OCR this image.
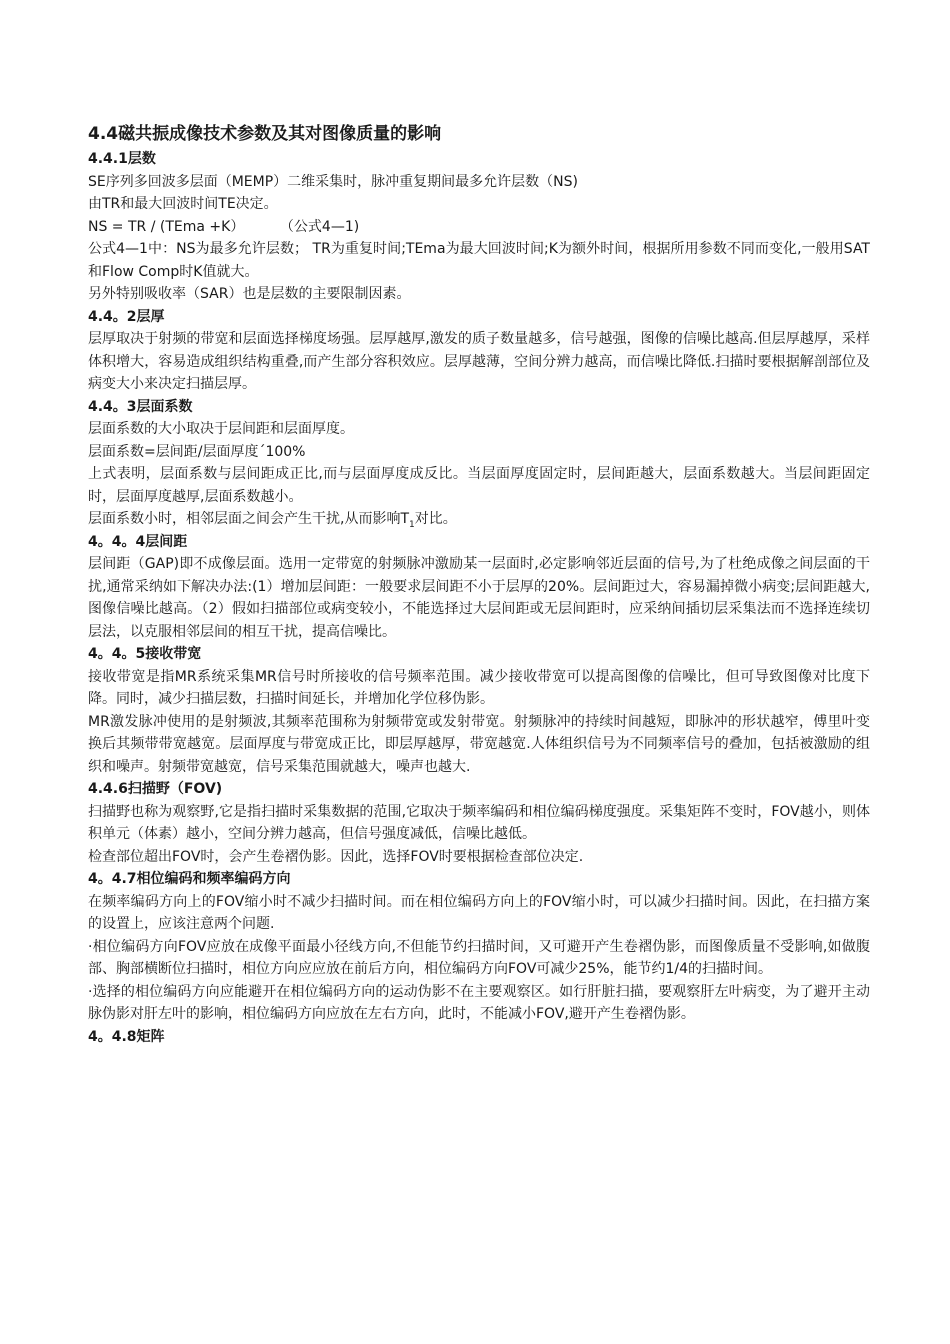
4.4磁共振成像技术参数及其对图像质量的影响

4.4.1层数

SE序列多回波多层面（MEMP）二维采集时，脉冲重复期间最多允许层数（NS)

由TR和最大回波时间TE决定。

NS = TR / (TEma +K）        （公式4—1)

公式4—1中：NS为最多允许层数； TR为重复时间;TEma为最大回波时间;K为额外时间，根据所用参数不同而变化,一般用SAT和Flow Comp时K值就大。

另外特别吸收率（SAR）也是层数的主要限制因素。

4.4。2层厚

层厚取决于射频的带宽和层面选择梯度场强。层厚越厚,激发的质子数量越多，信号越强，图像的信噪比越高.但层厚越厚，采样体积增大，容易造成组织结构重叠,而产生部分容积效应。层厚越薄，空间分辨力越高，而信噪比降低.扫描时要根据解剖部位及病变大小来决定扫描层厚。

4.4。3层面系数

层面系数的大小取决于层间距和层面厚度。

层面系数=层间距/层面厚度´100%

上式表明，层面系数与层间距成正比,而与层面厚度成反比。当层面厚度固定时，层间距越大，层面系数越大。当层间距固定时，层面厚度越厚,层面系数越小。

层面系数小时，相邻层面之间会产生干扰,从而影响$T_1$对比。

4。4。4层间距

层间距（GAP)即不成像层面。选用一定带宽的射频脉冲激励某一层面时,必定影响邻近层面的信号,为了杜绝成像之间层面的干扰,通常采纳如下解决办法:(1）增加层间距：一般要求层间距不小于层厚的20%。层间距过大，容易漏掉微小病变;层间距越大,图像信噪比越高。（2）假如扫描部位或病变较小，不能选择过大层间距或无层间距时，应采纳间插切层采集法而不选择连续切层法，以克服相邻层间的相互干扰，提高信噪比。

4。4。5接收带宽

接收带宽是指MR系统采集MR信号时所接收的信号频率范围。减少接收带宽可以提高图像的信噪比，但可导致图像对比度下降。同时，减少扫描层数，扫描时间延长，并增加化学位移伪影。

MR激发脉冲使用的是射频波,其频率范围称为射频带宽或发射带宽。射频脉冲的持续时间越短，即脉冲的形状越窄，傅里叶变换后其频带带宽越宽。层面厚度与带宽成正比，即层厚越厚，带宽越宽.人体组织信号为不同频率信号的叠加，包括被激励的组织和噪声。射频带宽越宽，信号采集范围就越大，噪声也越大.

4.4.6扫描野（FOV)

扫描野也称为观察野,它是指扫描时采集数据的范围,它取决于频率编码和相位编码梯度强度。采集矩阵不变时，FOV越小，则体积单元（体素）越小，空间分辨力越高，但信号强度减低，信噪比越低。

检查部位超出FOV时，会产生卷褶伪影。因此，选择FOV时要根据检查部位决定.

4。4.7相位编码和频率编码方向

在频率编码方向上的FOV缩小时不减少扫描时间。而在相位编码方向上的FOV缩小时，可以减少扫描时间。因此，在扫描方案的设置上，应该注意两个问题.

·相位编码方向FOV应放在成像平面最小径线方向,不但能节约扫描时间，又可避开产生卷褶伪影，而图像质量不受影响,如做腹部、胸部横断位扫描时，相位方向应应放在前后方向，相位编码方向FOV可减少25%，能节约1/4的扫描时间。

·选择的相位编码方向应能避开在相位编码方向的运动伪影不在主要观察区。如行肝脏扫描，要观察肝左叶病变，为了避开主动脉伪影对肝左叶的影响，相位编码方向应放在左右方向，此时，不能减小FOV,避开产生卷褶伪影。

4。4.8矩阵
